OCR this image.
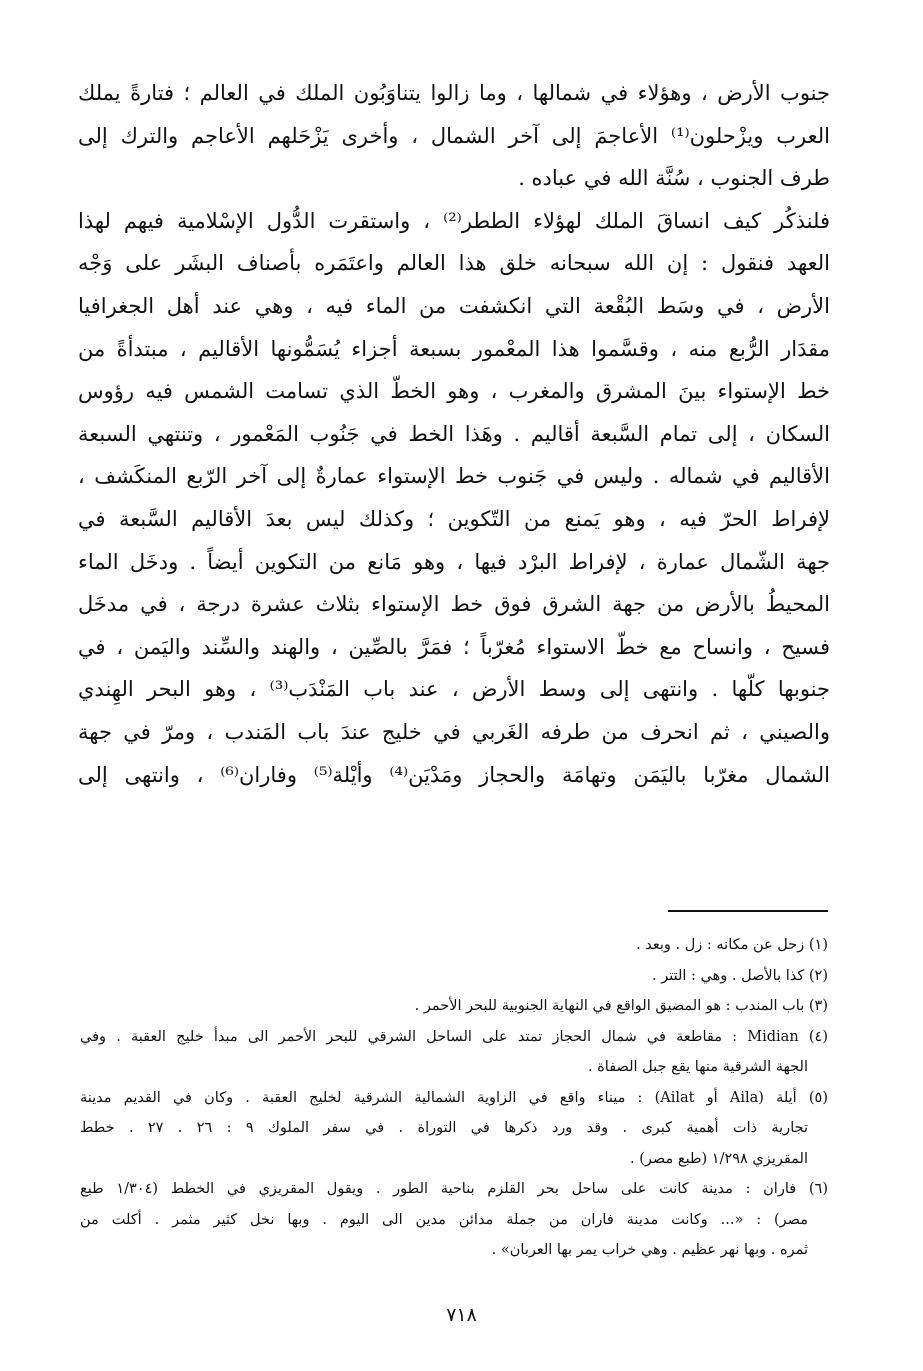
جنوب الأرض ، وهؤلاء في شمالها ، وما زالوا يتناوَبُون الملك في العالم ؛ فتارةً يملك
العرب ويزْحلون⁽¹⁾ الأعاجمَ إلى آخر الشمال ، وأخرى يَزْحَلهم الأعاجم والترك إلى
طرف الجنوب ، سُنَّة الله في عباده .
فلنذكُر كيف انساقَ الملك لهؤلاء الططر⁽²⁾ ، واستقرت الدُّول الإسْلامية فيهم لهذا
العهد فنقول : إن الله سبحانه خلق هذا العالم واعتَمَره بأصناف البشَر على وَجْه
الأرض ، في وسَط البُقْعة التي انكشفت من الماء فيه ، وهي عند أهل الجغرافيا
مقدَار الرُّبع منه ، وقسَّموا هذا المعْمور بسبعة أجزاء يُسَمُّونها الأقاليم ، مبتدأةً من
خط الإستواء بينَ المشرق والمغرب ، وهو الخطّ الذي تسامت الشمس فيه رؤوس
السكان ، إلى تمام السَّبعة أقاليم . وهَذا الخط في جَنُوب المَعْمور ، وتنتهي السبعة
الأقاليم في شماله . وليس في جَنوب خط الإستواء عمارةٌ إلى آخر الرّبع المنكَشف ،
لإفراط الحرّ فيه ، وهو يَمنع من التّكوين ؛ وكذلك ليس بعدَ الأقاليم السَّبعة في
جهة الشّمال عمارة ، لإفراط البرْد فيها ، وهو مَانع من التكوين أيضاً . ودخَل الماء
المحيطُ بالأرض من جهة الشرق فوق خط الإستواء بثلاث عشرة درجة ، في مدخَل
فسيح ، وانساح مع خطّ الاستواء مُغرّباً ؛ فمَرَّ بالصِّين ، والهند والسِّند واليَمن ، في
جنوبها كلّها . وانتهى إلى وسط الأرض ، عند باب المَنْدَب⁽³⁾ ، وهو البحر الهِندي
والصيني ، ثم انحرف من طرفه الغَربي في خليج عندَ باب المَندب ، ومرّ في جهة
الشمال مغرّبا باليَمَن وتهامَة والحجاز ومَدْيَن⁽⁴⁾ وأيْلة⁽⁵⁾ وفاران⁽⁶⁾ ، وانتهى إلى
(١) زحل عن مكانه : زل . وبعد .
(٢) كذا بالأصل . وهي : التتر .
(٣) باب المندب : هو المضيق الواقع في النهاية الجنوبية للبحر الأحمر .
(٤) Midian : مقاطعة في شمال الحجاز تمتد على الساحل الشرقي للبحر الأحمر الى مبدأ خليج العقبة . وفي
الجهة الشرقية منها يقع جبل الصفاة .
(٥) أيلة (Aila أو Ailat) : ميناء واقع في الزاوية الشمالية الشرقية لخليج العقبة . وكان في القديم مدينة
تجارية ذات أهمية كبرى . وقد ورد ذكرها في التوراة . في سفر الملوك ٩ : ٢٦ . ٢٧ . خطط
المقريزي ١/٢٩٨ (طبع مصر) .
(٦) فاران : مدينة كانت على ساحل بحر القلزم بناحية الطور . ويقول المقريزي في الخطط (١/٣٠٤ طبع
مصر) : «... وكانت مدينة فاران من جملة مدائن مدين الى اليوم . وبها نخل كثير مثمر . أكلت من
ثمره . وبها نهر عظيم . وهي خراب يمر بها العربان» .
٧١٨
